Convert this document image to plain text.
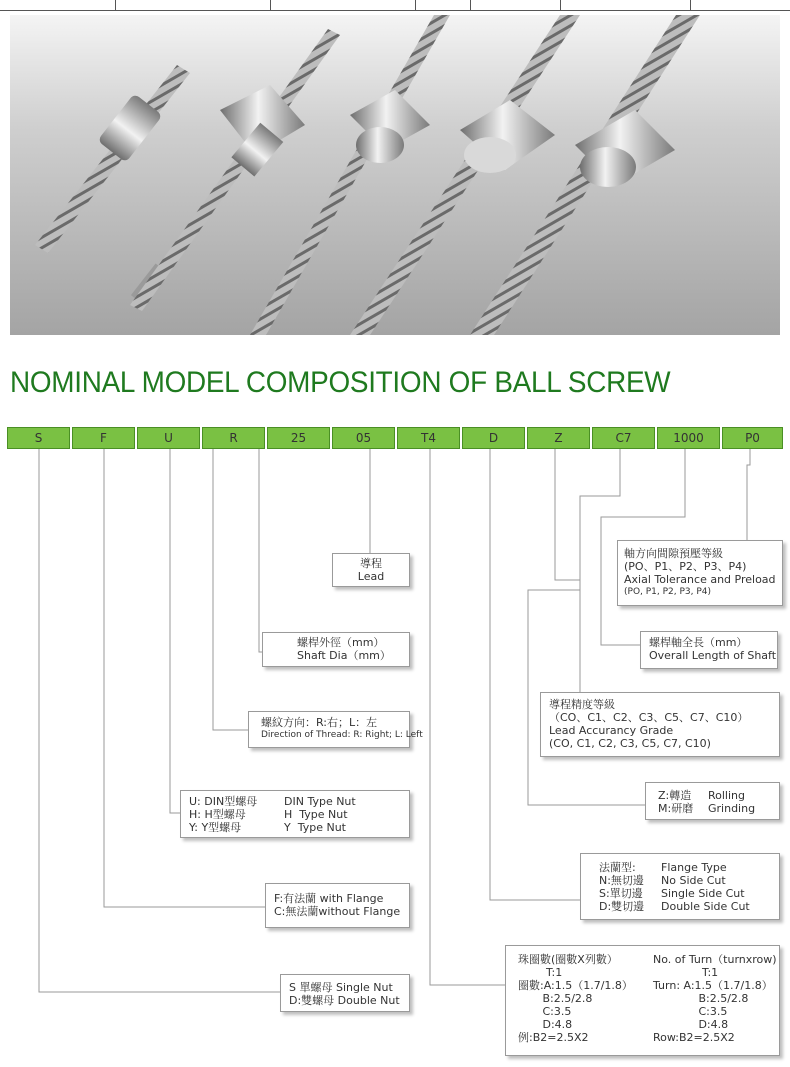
NOMINAL MODEL COMPOSITION OF BALL SCREW
S	F	U	R	25	05	T4	D	Z	C7	1000	P0
導程
Lead
螺桿外徑（mm）
Shaft Dia（mm）
螺紋方向：R:右；L：左
Direction of Thread: R: Right; L: Left
U: DIN型螺母 DIN Type Nut
H: H型螺母	H  Type Nut
Y: Y型螺母	Y  Type Nut
F:有法蘭 with Flange
C:無法蘭without Flange
S 單螺母 Single Nut
D:雙螺母 Double Nut
軸方向間隙預壓等級
(PO、P1、P2、P3、P4)
Axial Tolerance and Preload
(PO, P1, P2, P3, P4)
螺桿軸全長（mm）
Overall Length of Shaft
導程精度等級
（CO、C1、C2、C3、C5、C7、C10）
Lead Accurancy Grade
(CO, C1, C2, C3, C5, C7, C10)
Z:轉造 Rolling
M:研磨 Grinding
法蘭型: Flange Type
N:無切邊 No Side Cut
S:單切邊 Single Side Cut
D:雙切邊 Double Side Cut
珠圈數(圈數X列數）	No. of Turn（turnxrow)
T:1	T:1
圈數:A:1.5（1.7/1.8） Turn: A:1.5（1.7/1.8）
B:2.5/2.8	B:2.5/2.8
C:3.5	C:3.5
D:4.8	D:4.8
例:B2=2.5X2	Row:B2=2.5X2
